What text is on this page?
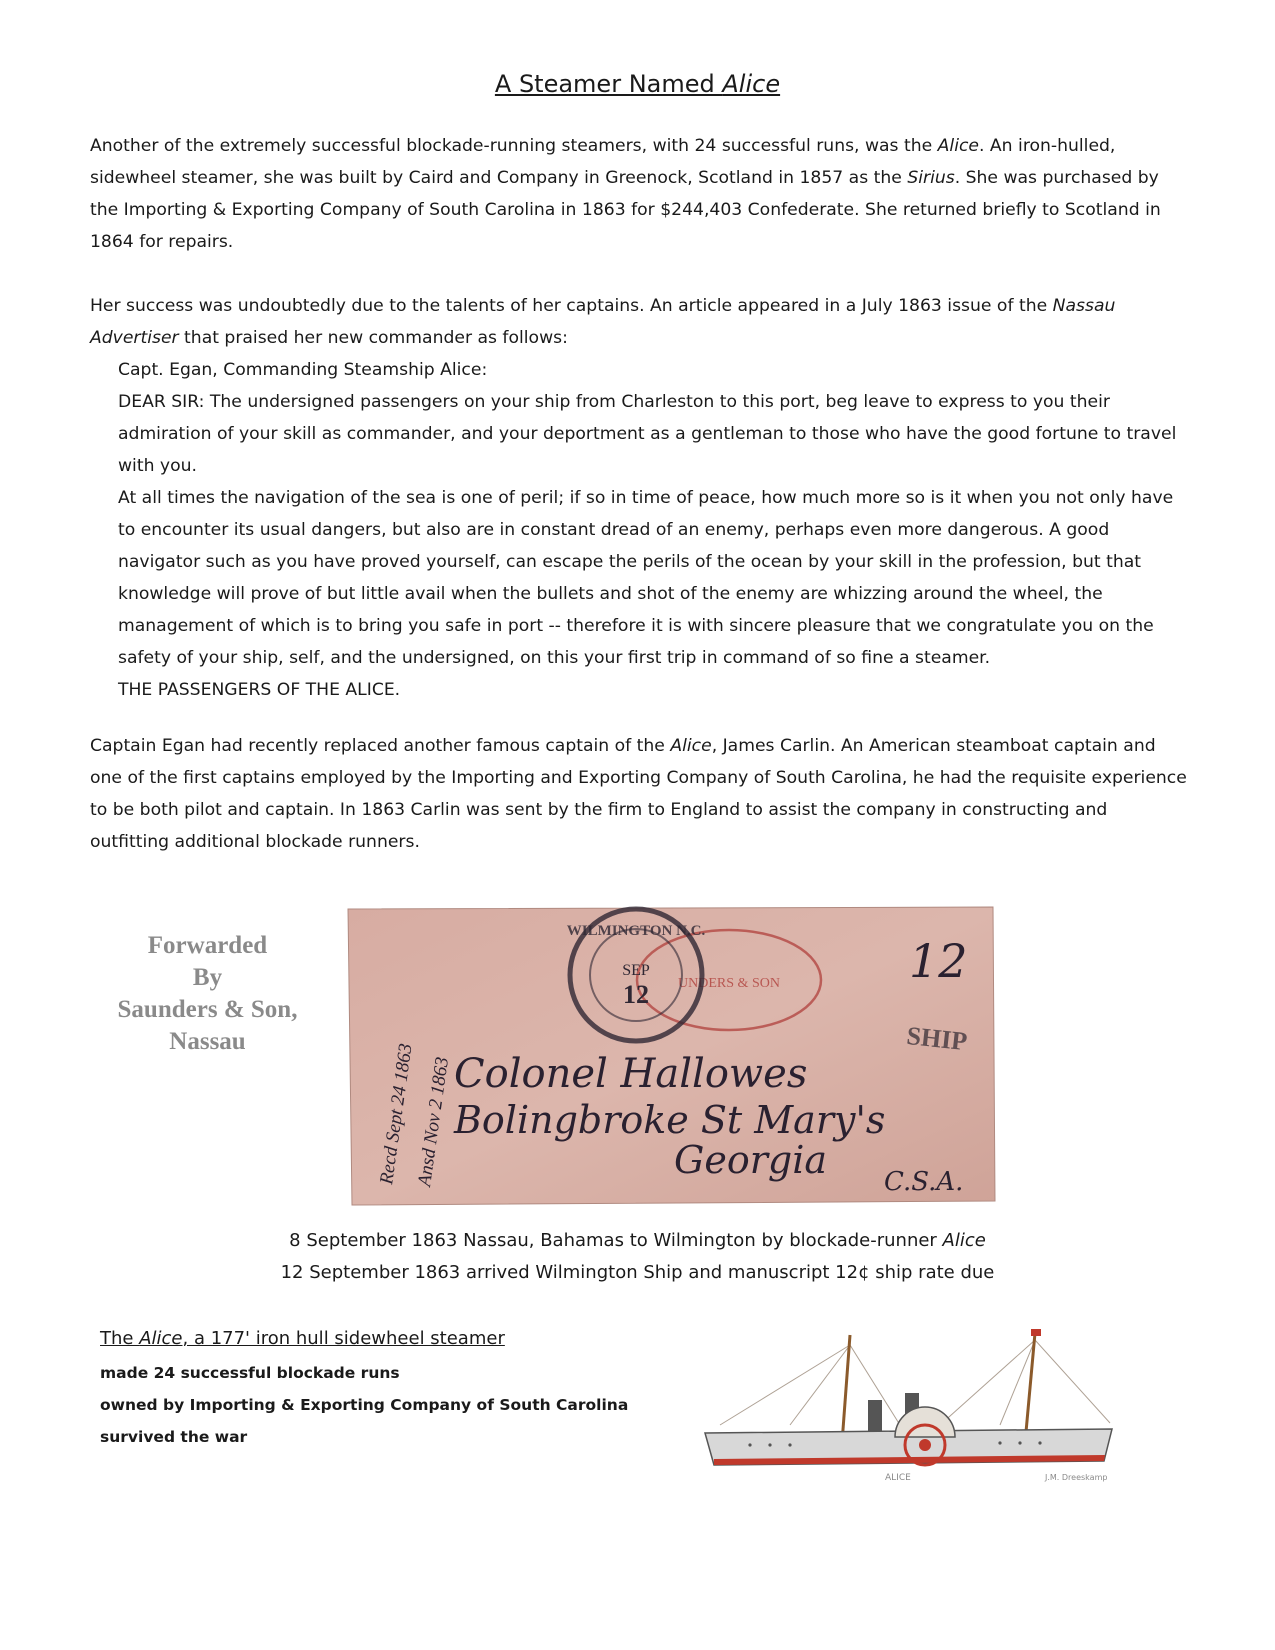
A Steamer Named Alice

Another of the extremely successful blockade-running steamers, with 24 successful runs, was the Alice. An iron-hulled, sidewheel steamer, she was built by Caird and Company in Greenock, Scotland in 1857 as the Sirius. She was purchased by the Importing & Exporting Company of South Carolina in 1863 for $244,403 Confederate. She returned briefly to Scotland in 1864 for repairs.

Her success was undoubtedly due to the talents of her captains. An article appeared in a July 1863 issue of the Nassau Advertiser that praised her new commander as follows:

Capt. Egan, Commanding Steamship Alice:
DEAR SIR: The undersigned passengers on your ship from Charleston to this port, beg leave to express to you their admiration of your skill as commander, and your deportment as a gentleman to those who have the good fortune to travel with you.
At all times the navigation of the sea is one of peril; if so in time of peace, how much more so is it when you not only have to encounter its usual dangers, but also are in constant dread of an enemy, perhaps even more dangerous. A good navigator such as you have proved yourself, can escape the perils of the ocean by your skill in the profession, but that knowledge will prove of but little avail when the bullets and shot of the enemy are whizzing around the wheel, the management of which is to bring you safe in port -- therefore it is with sincere pleasure that we congratulate you on the safety of your ship, self, and the undersigned, on this your first trip in command of so fine a steamer.
THE PASSENGERS OF THE ALICE.

Captain Egan had recently replaced another famous captain of the Alice, James Carlin. An American steamboat captain and one of the first captains employed by the Importing and Exporting Company of South Carolina, he had the requisite experience to be both pilot and captain. In 1863 Carlin was sent by the firm to England to assist the company in constructing and outfitting additional blockade runners.

Forwarded
By
Saunders & Son,
Nassau
UNDERS & SON
WILMINGTON N.C.
SEP
12
12
SHIP
Recd Sept 24 1863
Ansd Nov 2 1863 Colonel Hallowes
Bolingbroke St Mary's
Georgia C.S.A.
8 September 1863 Nassau, Bahamas to Wilmington by blockade-runner Alice
12 September 1863 arrived Wilmington Ship and manuscript 12¢ ship rate due
The Alice, a 177' iron hull sidewheel steamer
made 24 successful blockade runs
owned by Importing & Exporting Company of South Carolina
survived the war
ALICE	J.M. Dreeskamp
